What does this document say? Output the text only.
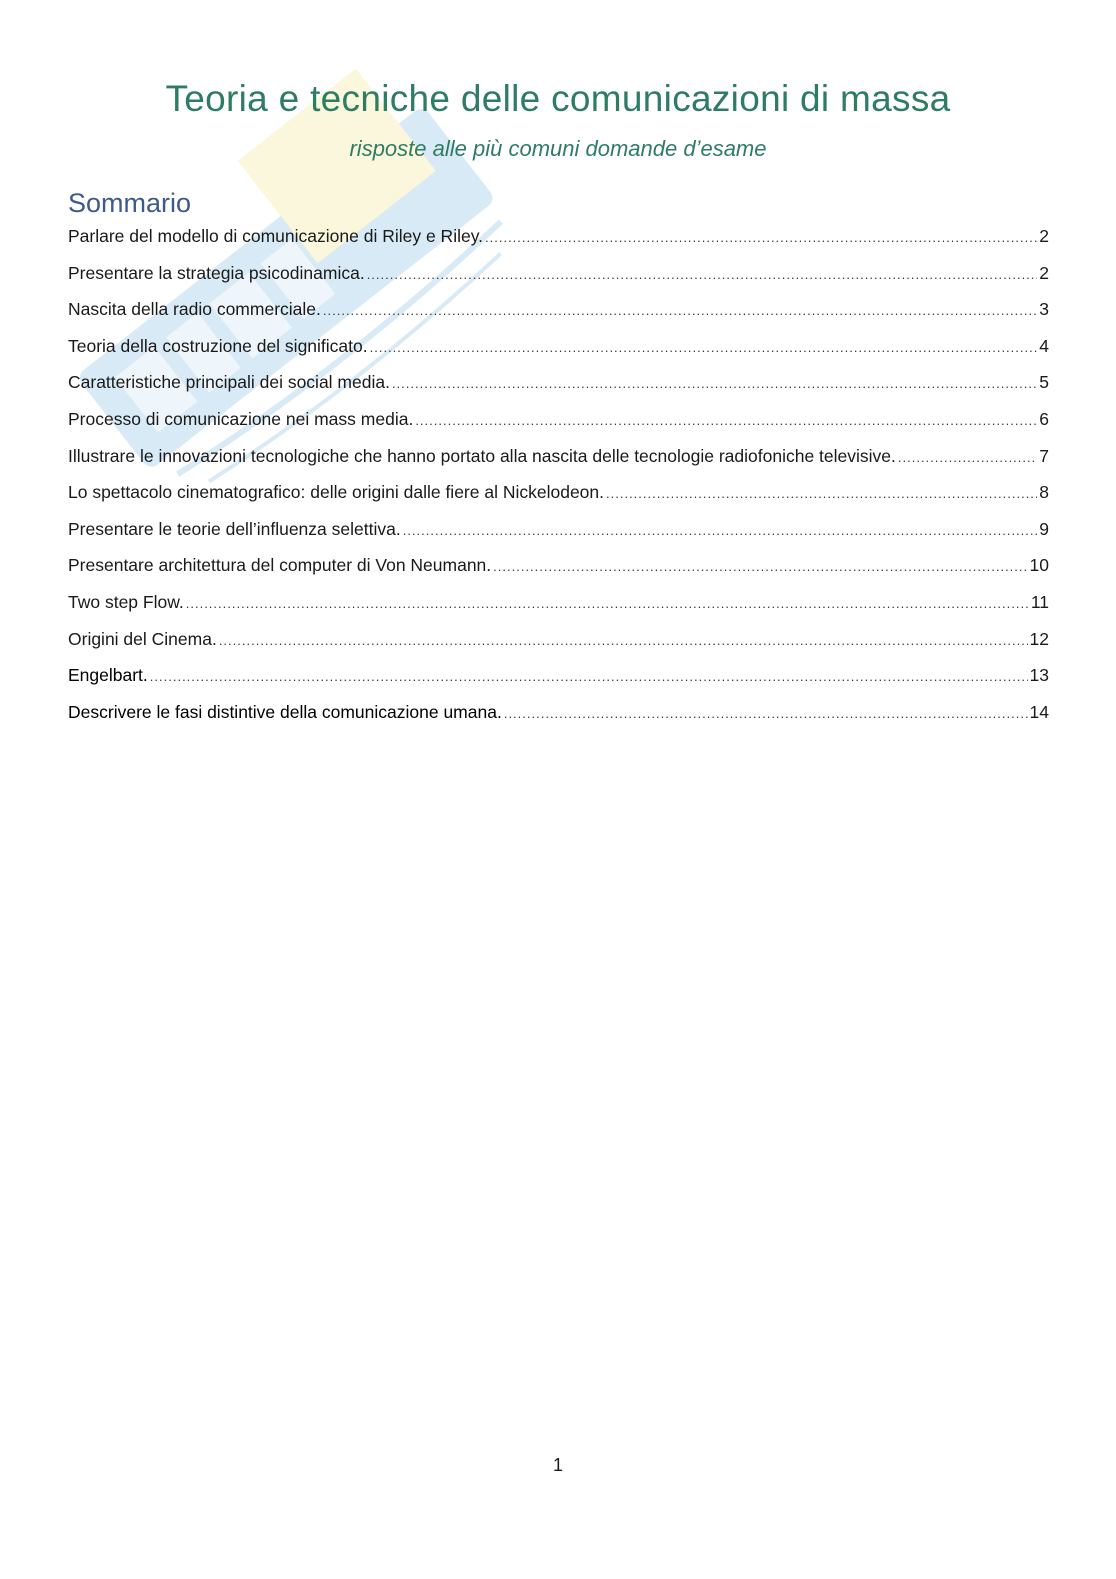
Teoria e tecniche delle comunicazioni di massa
risposte alle più comuni domande d’esame
Sommario
Parlare del modello di comunicazione di Riley e Riley. .....	2
Presentare la strategia psicodinamica. .....	2
Nascita della radio commerciale. .....	3
Teoria della costruzione del significato. .....	4
Caratteristiche principali dei social media. .....	5
Processo di comunicazione nei mass media. .....	6
Illustrare le innovazioni tecnologiche che hanno portato alla nascita delle tecnologie radiofoniche televisive. .....	7
Lo spettacolo cinematografico: delle origini dalle fiere al Nickelodeon. .....	8
Presentare le teorie dell’influenza selettiva. .....	9
Presentare architettura del computer di Von Neumann. .....	10
Two step Flow. .....	11
Origini del Cinema. .....	12
Engelbart. .....	13
Descrivere le fasi distintive della comunicazione umana. .....	14
1
